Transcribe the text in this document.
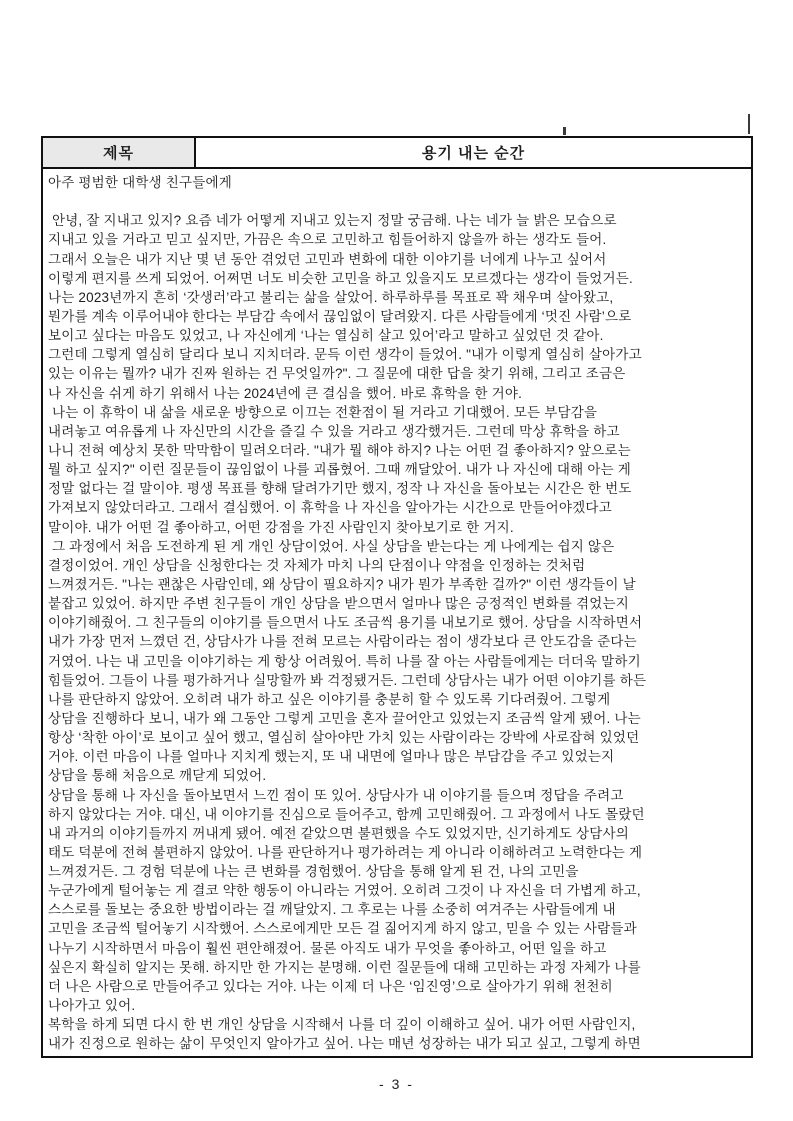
제목	용기 내는 순간
아주 평범한 대학생 친구들에게

안녕, 잘 지내고 있지? 요즘 네가 어떻게 지내고 있는지 정말 궁금해. 나는 네가 늘 밝은 모습으로
지내고 있을 거라고 믿고 싶지만, 가끔은 속으로 고민하고 힘들어하지 않을까 하는 생각도 들어.
그래서 오늘은 내가 지난 몇 년 동안 겪었던 고민과 변화에 대한 이야기를 너에게 나누고 싶어서
이렇게 편지를 쓰게 되었어. 어쩌면 너도 비슷한 고민을 하고 있을지도 모르겠다는 생각이 들었거든.
나는 2023년까지 흔히 ‘갓생러’라고 불리는 삶을 살았어. 하루하루를 목표로 꽉 채우며 살아왔고,
뭔가를 계속 이루어내야 한다는 부담감 속에서 끊임없이 달려왔지. 다른 사람들에게 ‘멋진 사람’으로
보이고 싶다는 마음도 있었고, 나 자신에게 ‘나는 열심히 살고 있어’라고 말하고 싶었던 것 같아.
그런데 그렇게 열심히 달리다 보니 지치더라. 문득 이런 생각이 들었어. "내가 이렇게 열심히 살아가고
있는 이유는 뭘까? 내가 진짜 원하는 건 무엇일까?". 그 질문에 대한 답을 찾기 위해, 그리고 조금은
나 자신을 쉬게 하기 위해서 나는 2024년에 큰 결심을 했어. 바로 휴학을 한 거야.
나는 이 휴학이 내 삶을 새로운 방향으로 이끄는 전환점이 될 거라고 기대했어. 모든 부담감을
내려놓고 여유롭게 나 자신만의 시간을 즐길 수 있을 거라고 생각했거든. 그런데 막상 휴학을 하고
나니 전혀 예상치 못한 막막함이 밀려오더라. "내가 뭘 해야 하지? 나는 어떤 걸 좋아하지? 앞으로는
뭘 하고 싶지?" 이런 질문들이 끊임없이 나를 괴롭혔어. 그때 깨달았어. 내가 나 자신에 대해 아는 게
정말 없다는 걸 말이야. 평생 목표를 향해 달려가기만 했지, 정작 나 자신을 돌아보는 시간은 한 번도
가져보지 않았더라고. 그래서 결심했어. 이 휴학을 나 자신을 알아가는 시간으로 만들어야겠다고
말이야. 내가 어떤 걸 좋아하고, 어떤 강점을 가진 사람인지 찾아보기로 한 거지.
그 과정에서 처음 도전하게 된 게 개인 상담이었어. 사실 상담을 받는다는 게 나에게는 쉽지 않은
결정이었어. 개인 상담을 신청한다는 것 자체가 마치 나의 단점이나 약점을 인정하는 것처럼
느껴졌거든. "나는 괜찮은 사람인데, 왜 상담이 필요하지? 내가 뭔가 부족한 걸까?" 이런 생각들이 날
붙잡고 있었어. 하지만 주변 친구들이 개인 상담을 받으면서 얼마나 많은 긍정적인 변화를 겪었는지
이야기해줬어. 그 친구들의 이야기를 들으면서 나도 조금씩 용기를 내보기로 했어. 상담을 시작하면서
내가 가장 먼저 느꼈던 건, 상담사가 나를 전혀 모르는 사람이라는 점이 생각보다 큰 안도감을 준다는
거였어. 나는 내 고민을 이야기하는 게 항상 어려웠어. 특히 나를 잘 아는 사람들에게는 더더욱 말하기
힘들었어. 그들이 나를 평가하거나 실망할까 봐 걱정됐거든. 그런데 상담사는 내가 어떤 이야기를 하든
나를 판단하지 않았어. 오히려 내가 하고 싶은 이야기를 충분히 할 수 있도록 기다려줬어. 그렇게
상담을 진행하다 보니, 내가 왜 그동안 그렇게 고민을 혼자 끌어안고 있었는지 조금씩 알게 됐어. 나는
항상 ‘착한 아이’로 보이고 싶어 했고, 열심히 살아야만 가치 있는 사람이라는 강박에 사로잡혀 있었던
거야. 이런 마음이 나를 얼마나 지치게 했는지, 또 내 내면에 얼마나 많은 부담감을 주고 있었는지
상담을 통해 처음으로 깨닫게 되었어.
상담을 통해 나 자신을 돌아보면서 느낀 점이 또 있어. 상담사가 내 이야기를 들으며 정답을 주려고
하지 않았다는 거야. 대신, 내 이야기를 진심으로 들어주고, 함께 고민해줬어. 그 과정에서 나도 몰랐던
내 과거의 이야기들까지 꺼내게 됐어. 예전 같았으면 불편했을 수도 있었지만, 신기하게도 상담사의
태도 덕분에 전혀 불편하지 않았어. 나를 판단하거나 평가하려는 게 아니라 이해하려고 노력한다는 게
느껴졌거든. 그 경험 덕분에 나는 큰 변화를 경험했어. 상담을 통해 알게 된 건, 나의 고민을
누군가에게 털어놓는 게 결코 약한 행동이 아니라는 거였어. 오히려 그것이 나 자신을 더 가볍게 하고,
스스로를 돌보는 중요한 방법이라는 걸 깨달았지. 그 후로는 나를 소중히 여겨주는 사람들에게 내
고민을 조금씩 털어놓기 시작했어. 스스로에게만 모든 걸 짊어지게 하지 않고, 믿을 수 있는 사람들과
나누기 시작하면서 마음이 훨씬 편안해졌어. 물론 아직도 내가 무엇을 좋아하고, 어떤 일을 하고
싶은지 확실히 알지는 못해. 하지만 한 가지는 분명해. 이런 질문들에 대해 고민하는 과정 자체가 나를
더 나은 사람으로 만들어주고 있다는 거야. 나는 이제 더 나은 ‘임진영’으로 살아가기 위해 천천히
나아가고 있어.
복학을 하게 되면 다시 한 번 개인 상담을 시작해서 나를 더 깊이 이해하고 싶어. 내가 어떤 사람인지,
내가 진정으로 원하는 삶이 무엇인지 알아가고 싶어. 나는 매년 성장하는 내가 되고 싶고, 그렇게 하면
- 3 -
